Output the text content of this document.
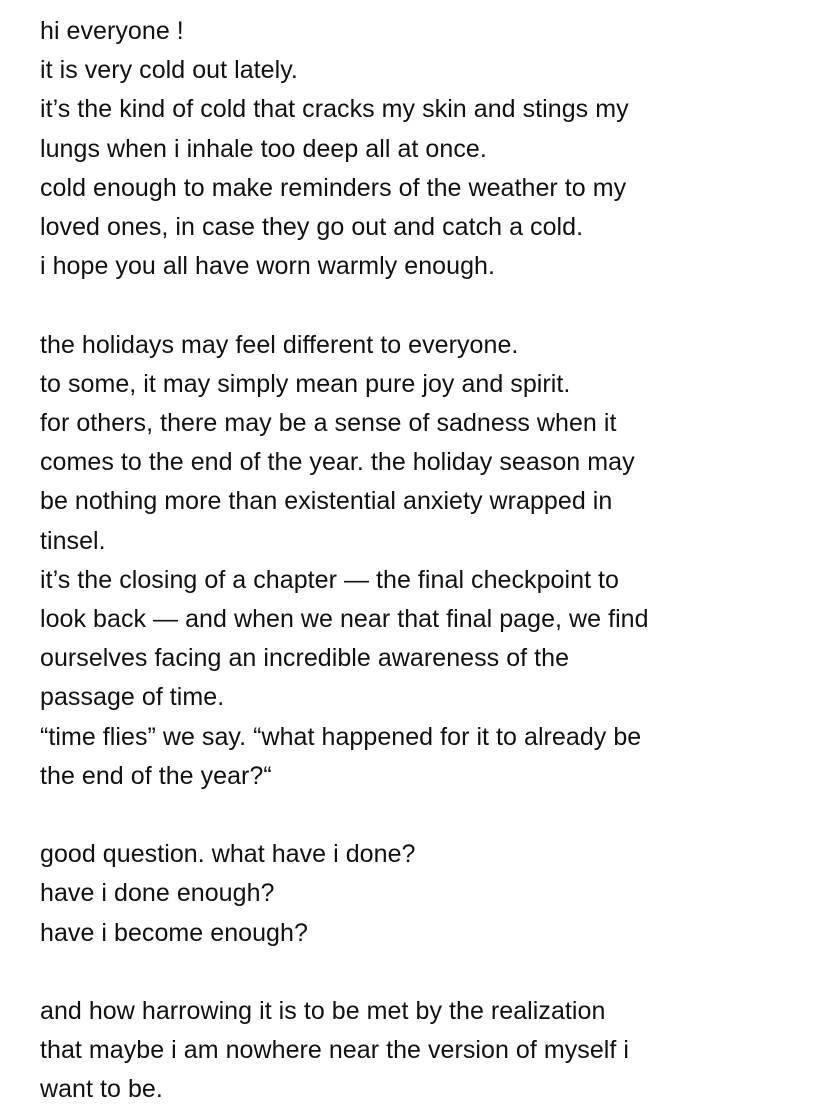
hi everyone !
it is very cold out lately.
it’s the kind of cold that cracks my skin and stings my
lungs when i inhale too deep all at once.
cold enough to make reminders of the weather to my
loved ones, in case they go out and catch a cold.
i hope you all have worn warmly enough.

the holidays may feel different to everyone.
to some, it may simply mean pure joy and spirit.
for others, there may be a sense of sadness when it
comes to the end of the year. the holiday season may
be nothing more than existential anxiety wrapped in
tinsel.
it’s the closing of a chapter — the final checkpoint to
look back — and when we near that final page, we find
ourselves facing an incredible awareness of the
passage of time.
“time flies” we say. “what happened for it to already be
the end of the year?“

good question. what have i done?
have i done enough?
have i become enough?

and how harrowing it is to be met by the realization
that maybe i am nowhere near the version of myself i
want to be.
